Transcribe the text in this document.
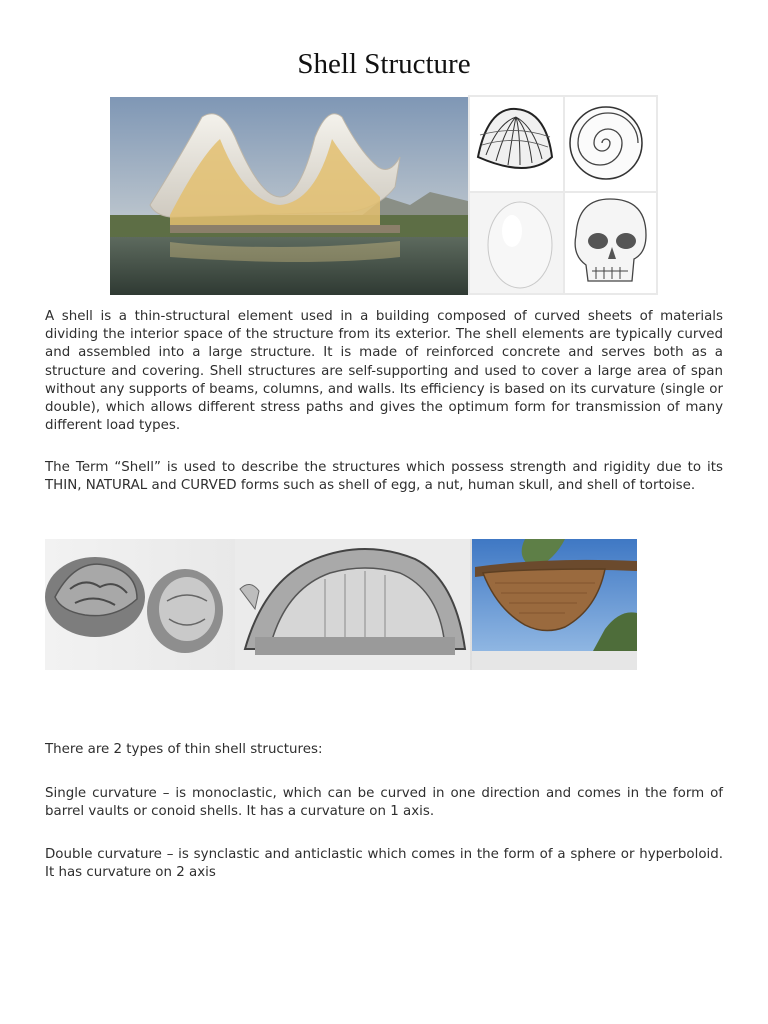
Shell Structure

A shell is a thin-structural element used in a building composed of curved sheets of materials dividing the interior space of the structure from its exterior. The shell elements are typically curved and assembled into a large structure. It is made of reinforced concrete and serves both as a structure and covering. Shell structures are self-supporting and used to cover a large area of span without any supports of beams, columns, and walls. Its efficiency is based on its curvature (single or double), which allows different stress paths and gives the optimum form for transmission of many different load types.

The Term “Shell” is used to describe the structures which possess strength and rigidity due to its THIN, NATURAL and CURVED forms such as shell of egg, a nut, human skull, and shell of tortoise.

There are 2 types of thin shell structures:

Single curvature – is monoclastic, which can be curved in one direction and comes in the form of barrel vaults or conoid shells. It has a curvature on 1 axis.

Double curvature – is synclastic and anticlastic which comes in the form of a sphere or hyperboloid. It has curvature on 2 axis
